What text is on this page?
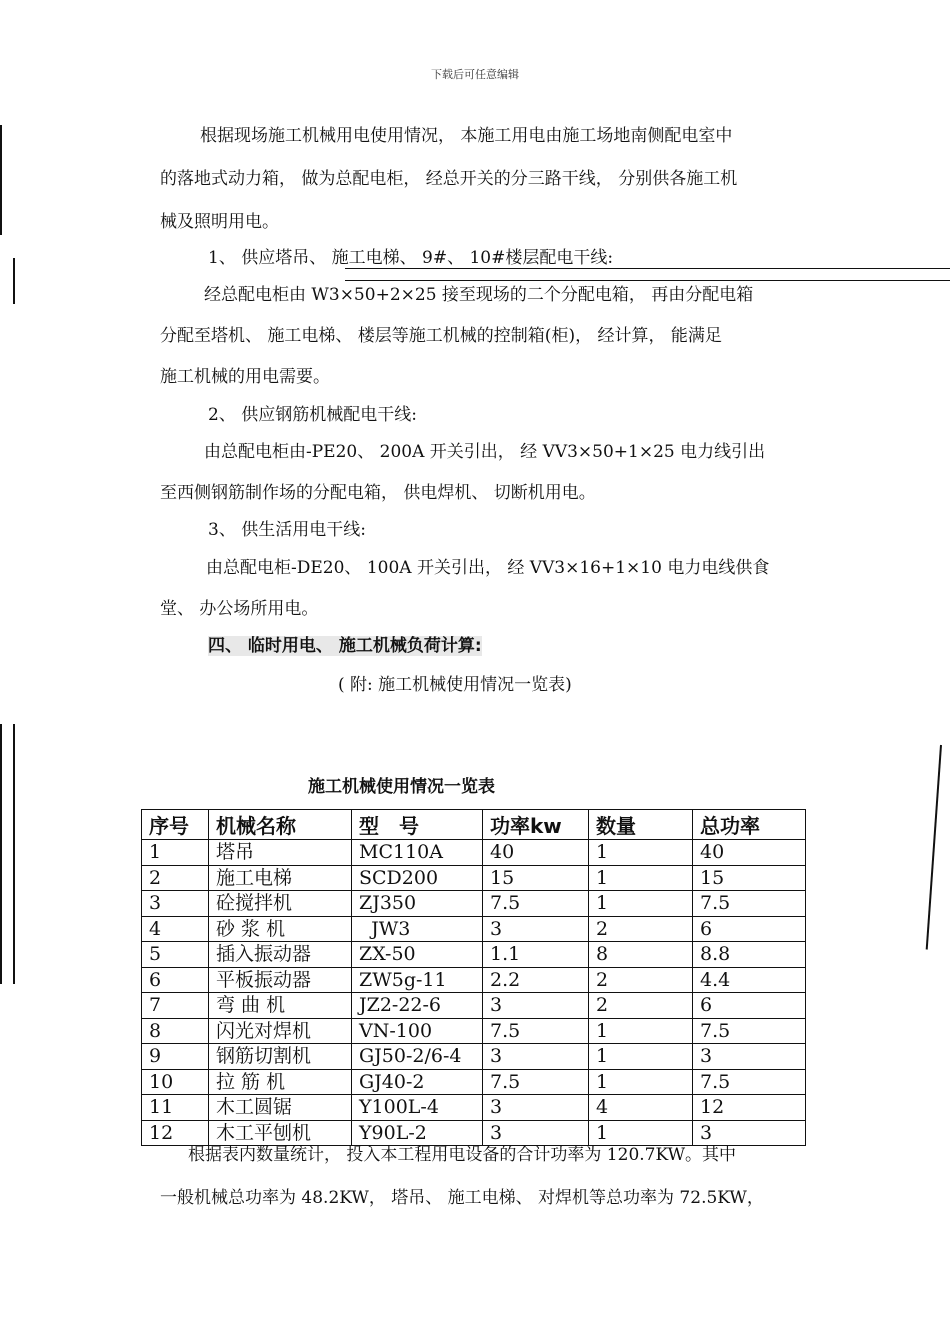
下载后可任意编辑
根据现场施工机械用电使用情况， 本施工用电由施工场地南侧配电室中
的落地式动力箱， 做为总配电柜， 经总开关的分三路干线， 分别供各施工机
械及照明用电。
1、 供应塔吊、 施工电梯、 9#、 10#楼层配电干线:
经总配电柜由 W3×50+2×25 接至现场的二个分配电箱， 再由分配电箱
分配至塔机、 施工电梯、 楼层等施工机械的控制箱(柜)， 经计算， 能满足
施工机械的用电需要。
2、 供应钢筋机械配电干线:
由总配电柜由-PE20、 200A 开关引出， 经 VV3×50+1×25 电力线引出
至西侧钢筋制作场的分配电箱， 供电焊机、 切断机用电。
3、 供生活用电干线:
由总配电柜-DE20、 100A 开关引出， 经 VV3×16+1×10 电力电线供食
堂、 办公场所用电。
四、 临时用电、 施工机械负荷计算:
( 附: 施工机械使用情况一览表)
施工机械使用情况一览表
序号	机械名称	型　号	功率kw	数量	总功率
1	塔吊	MC110A	40	1	40
2	施工电梯	SCD200	15	1	15
3	砼搅拌机	ZJ350	7.5	1	7.5
4	砂 浆 机	JW3	3	2	6
5	插入振动器	ZX-50	1.1	8	8.8
6	平板振动器	ZW5g-11	2.2	2	4.4
7	弯 曲 机	JZ2-22-6	3	2	6
8	闪光对焊机	VN-100	7.5	1	7.5
9	钢筋切割机	GJ50-2/6-4	3	1	3
10	拉 筋 机	GJ40-2	7.5	1	7.5
11	木工圆锯	Y100L-4	3	4	12
12	木工平刨机	Y90L-2	3	1	3
根据表内数量统计， 投入本工程用电设备的合计功率为 120.7KW。其中
一般机械总功率为 48.2KW， 塔吊、 施工电梯、 对焊机等总功率为 72.5KW，
